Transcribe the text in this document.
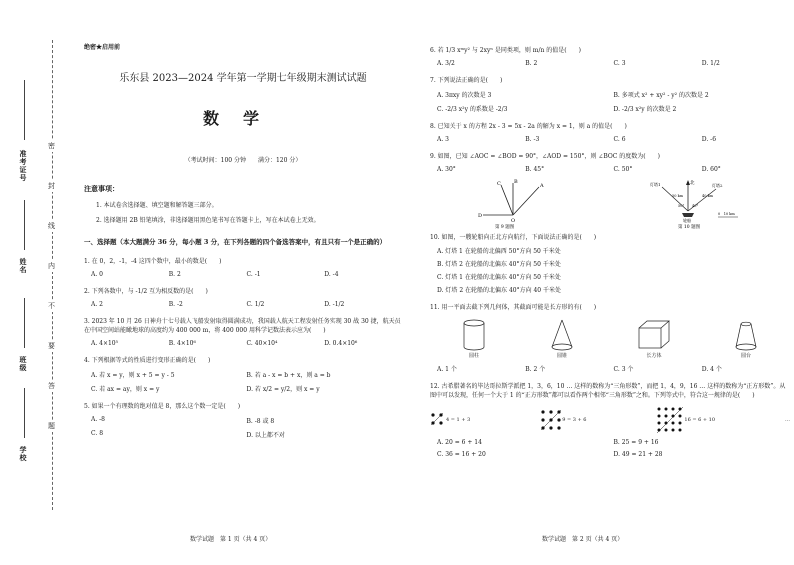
准考证号
姓名
班级
学校
密
封
线
内
不
要
答
题
绝密★启用前
乐东县 2023—2024 学年第一学期七年级期末测试试题
数学
（考试时间：100 分钟　　满分：120 分）
注意事项：
1. 本试卷含选择题、填空题和解答题三部分。
2. 选择题用 2B 铅笔填涂，非选择题用黑色笔书写在答题卡上，写在本试卷上无效。
一、选择题（本大题满分 36 分，每小题 3 分，在下列各题的四个备选答案中，有且只有一个是正确的）
1. 在 0，2，-1，-4 这四个数中，最小的数是(　　)
A. 0	B. 2	C. -1	D. -4
2. 下列各数中，与 -1/2 互为相反数的是(　　)
A. 2	B. -2	C. 1/2	D. -1/2
3. 2023 年 10 月 26 日神舟十七号载人飞船发射取得圆满成功，我国载人航天工程发射任务实现 30 战 30 捷，航天员在中国空间站能瞰地球的高度约为 400 000 m，将 400 000 用科学记数法表示应为(　　)
A. 4×10⁵	B. 4×10⁶	C. 40×10⁴	D. 0.4×10⁶
4. 下列根据等式的性质进行变形正确的是(　　)
A. 若 x = y，则 x + 5 = y - 5	B. 若 a - x = b + x，则 a = b
C. 若 ax = ay，则 x = y	D. 若 x/2 = y/2，则 x = y
5. 如果一个有理数的绝对值是 8，那么这个数一定是(　　)
A. -8	B. -8 或 8
C. 8	D. 以上都不对
数学试题　第 1 页（共 4 页）
6. 若 1/3 xᵐy² 与 2xyⁿ 是同类项，则 m/n 的值是(　　)
A. 3/2	B. 2	C. 3	D. 1/2
7. 下列说法正确的是(　　)
A. 3πxy 的次数是 3	B. 多项式 x² + xy² - y² 的次数是 2
C. -2/3 x²y 的系数是 -2/3	D. -2/3 x²y 的次数是 2
8. 已知关于 x 的方程 2x - 3 = 5x - 2a 的解为 x = 1，则 a 的值是(　　)
A. 3	B. -3	C. 6	D. -6
9. 如图，已知 ∠AOC = ∠BOD = 90°，∠AOD = 150°，则 ∠BOC 的度数为(　　)
A. 30°	B. 45°	C. 50°	D. 60°
C	B
A
D
O
第 9 题图
北
灯塔1	灯塔2
50 km	40 km
50° 40°
轮船
0　10 km
第 10 题图
10. 如图，一艘轮船向正北方向航行，下面说法正确的是(　　)
A. 灯塔 1 在轮船的北偏西 50°方向 50 千米处
B. 灯塔 2 在轮船的北偏东 40°方向 50 千米处
C. 灯塔 1 在轮船的北偏东 40°方向 50 千米处
D. 灯塔 2 在轮船的北偏东 40°方向 40 千米处
11. 用一平面去截下列几何体，其截面可能是长方形的有(　　)
圆柱	圆锥	长方体	圆台
A. 1 个	B. 2 个	C. 3 个	D. 4 个
12. 古希腊著名的毕达哥拉斯学派把 1，3，6，10 … 这样的数称为“三角形数”，而把 1，4，9，16 … 这样的数称为“正方形数”。从图中可以发现，任何一个大于 1 的“正方形数”都可以看作两个相邻“三角形数”之和。下列等式中，符合这一规律的是(　　)
4 = 1 + 3	9 = 3 + 6	16 = 6 + 10	…
A. 20 = 6 + 14	B. 25 = 9 + 16
C. 36 = 16 + 20	D. 49 = 21 + 28
数学试题　第 2 页（共 4 页）
